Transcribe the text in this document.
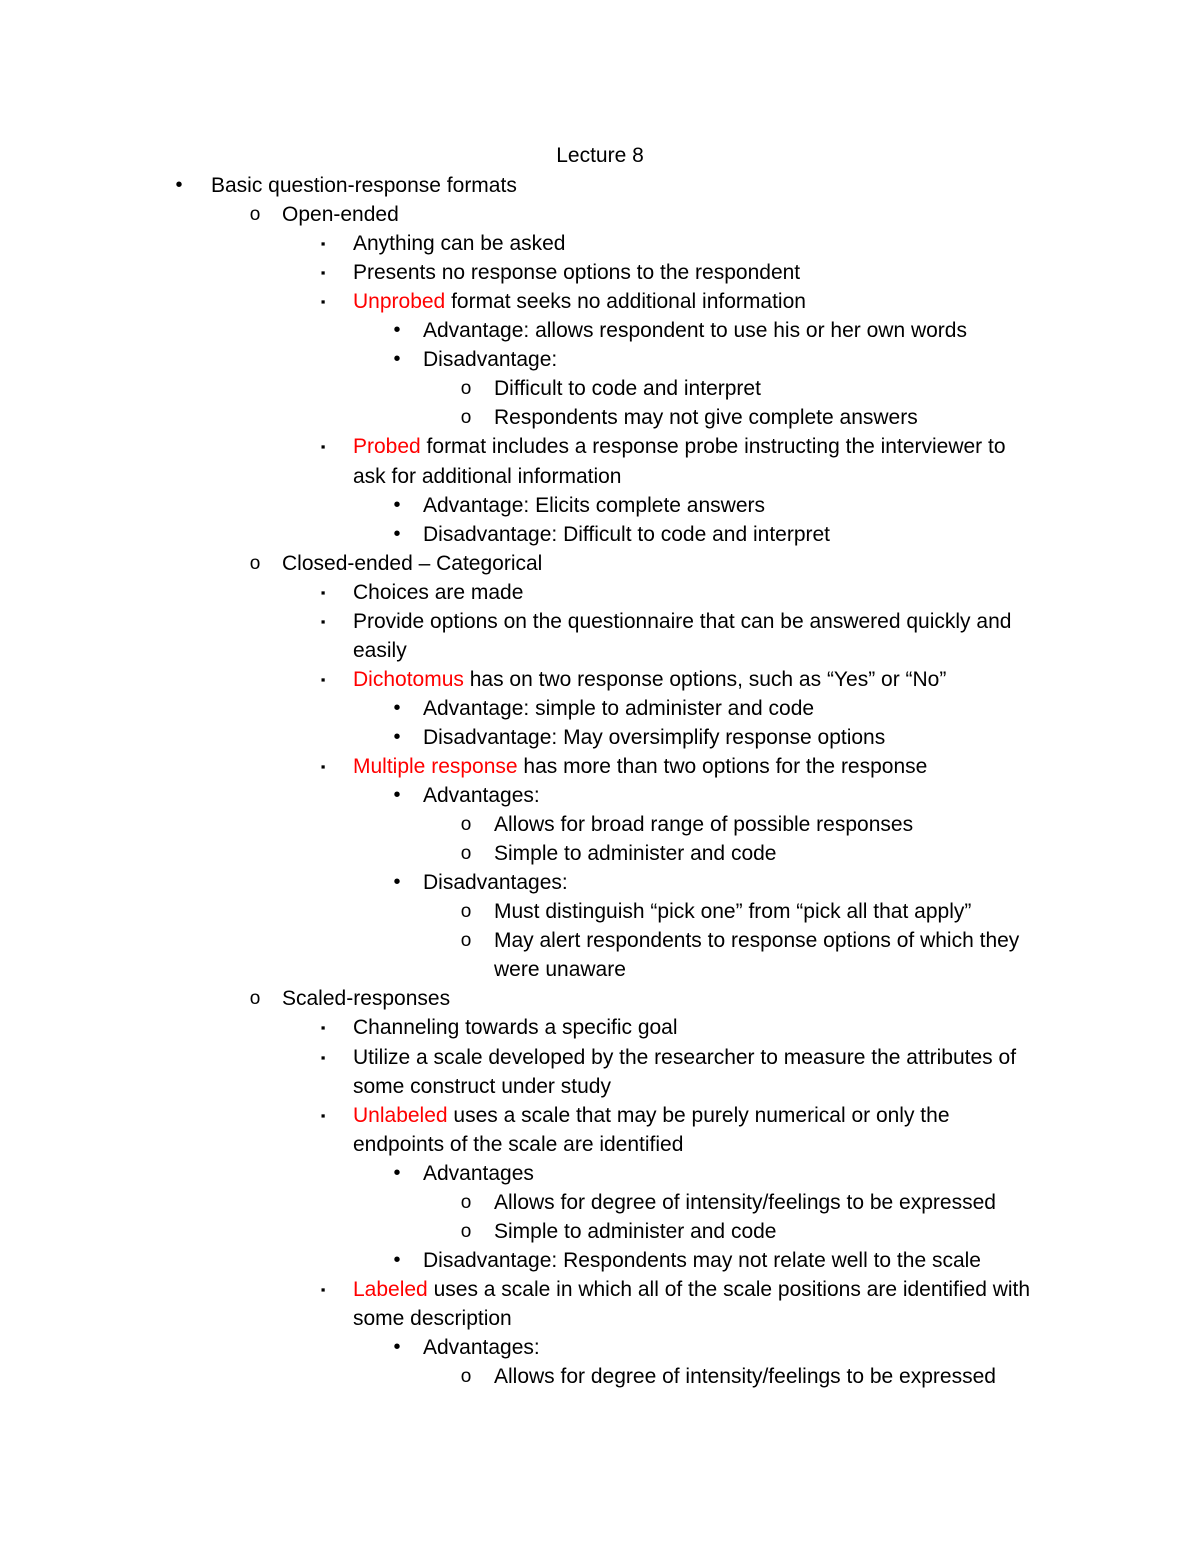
Lecture 8
•	Basic question-response formats
o Open-ended
▪	Anything can be asked
▪	Presents no response options to the respondent
▪	Unprobed format seeks no additional information
•	Advantage: allows respondent to use his or her own words
•	Disadvantage:
o Difficult to code and interpret
o Respondents may not give complete answers
▪	Probed format includes a response probe instructing the interviewer to
ask for additional information
•	Advantage: Elicits complete answers
•	Disadvantage: Difficult to code and interpret
o Closed-ended – Categorical
▪	Choices are made
▪	Provide options on the questionnaire that can be answered quickly and
easily
▪	Dichotomus has on two response options, such as “Yes” or “No”
•	Advantage: simple to administer and code
•	Disadvantage: May oversimplify response options
▪	Multiple response has more than two options for the response
•	Advantages:
o Allows for broad range of possible responses
o Simple to administer and code
•	Disadvantages:
o Must distinguish “pick one” from “pick all that apply”
o May alert respondents to response options of which they
were unaware
o Scaled-responses
▪	Channeling towards a specific goal
▪	Utilize a scale developed by the researcher to measure the attributes of
some construct under study
▪	Unlabeled uses a scale that may be purely numerical or only the
endpoints of the scale are identified
•	Advantages
o Allows for degree of intensity/feelings to be expressed
o Simple to administer and code
•	Disadvantage: Respondents may not relate well to the scale
▪	Labeled uses a scale in which all of the scale positions are identified with
some description
•	Advantages:
o Allows for degree of intensity/feelings to be expressed
